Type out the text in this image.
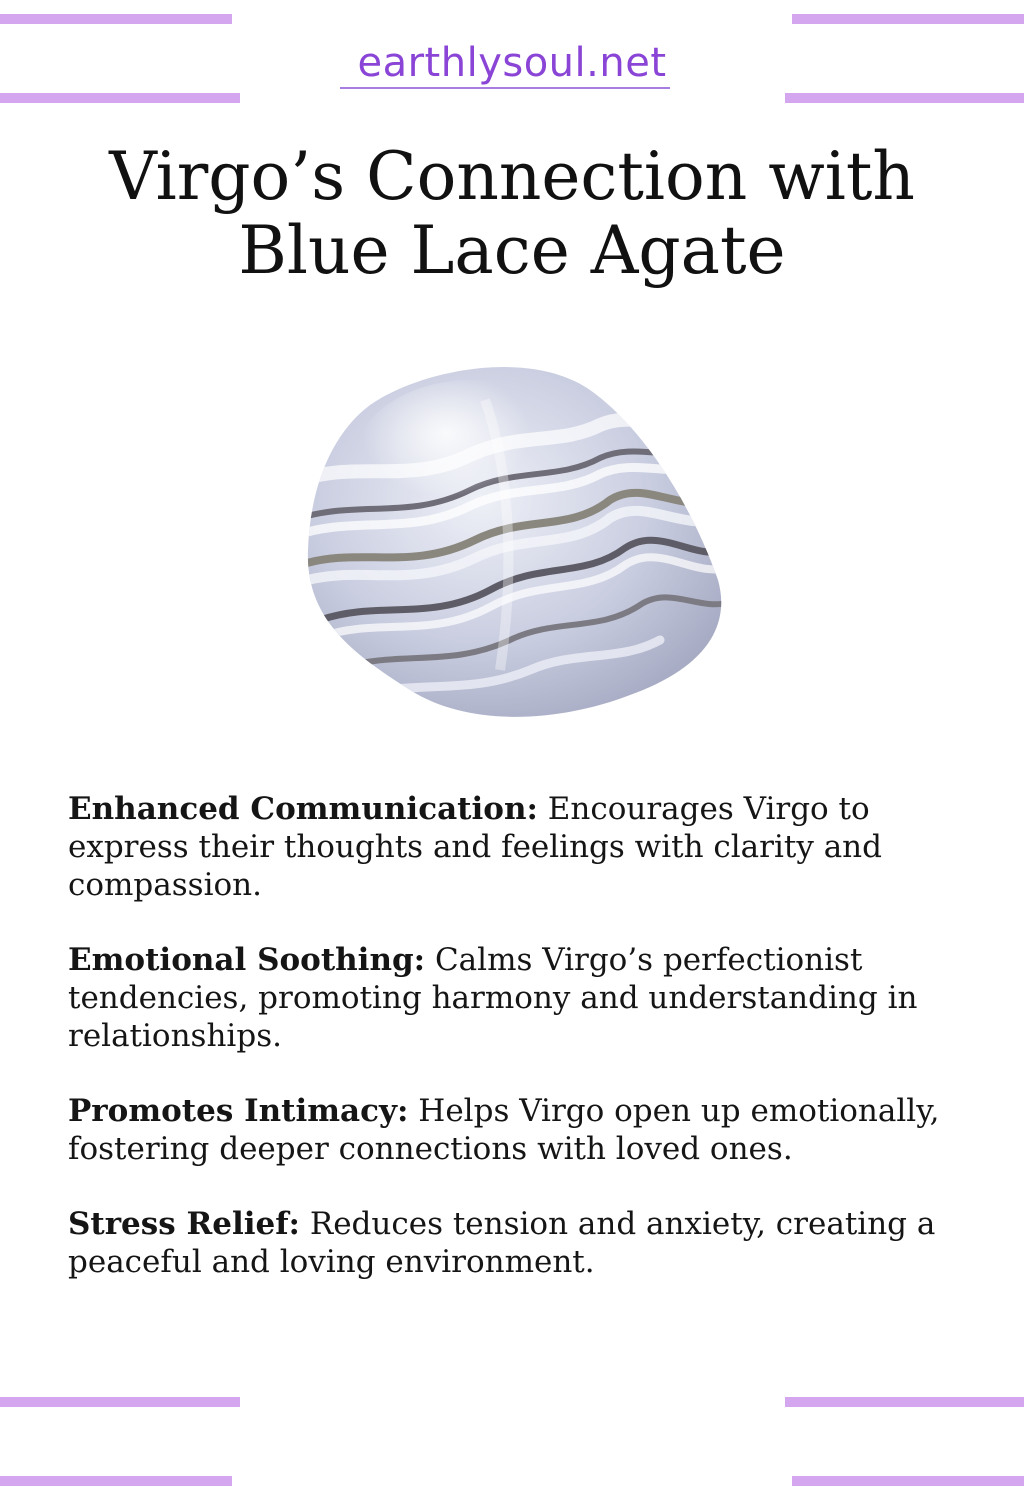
earthlysoul.net
Virgo’s Connection with
Blue Lace Agate

Enhanced Communication: Encourages Virgo to express their thoughts and feelings with clarity and compassion.

Emotional Soothing: Calms Virgo’s perfectionist tendencies, promoting harmony and understanding in relationships.

Promotes Intimacy: Helps Virgo open up emotionally, fostering deeper connections with loved ones.

Stress Relief: Reduces tension and anxiety, creating a peaceful and loving environment.
